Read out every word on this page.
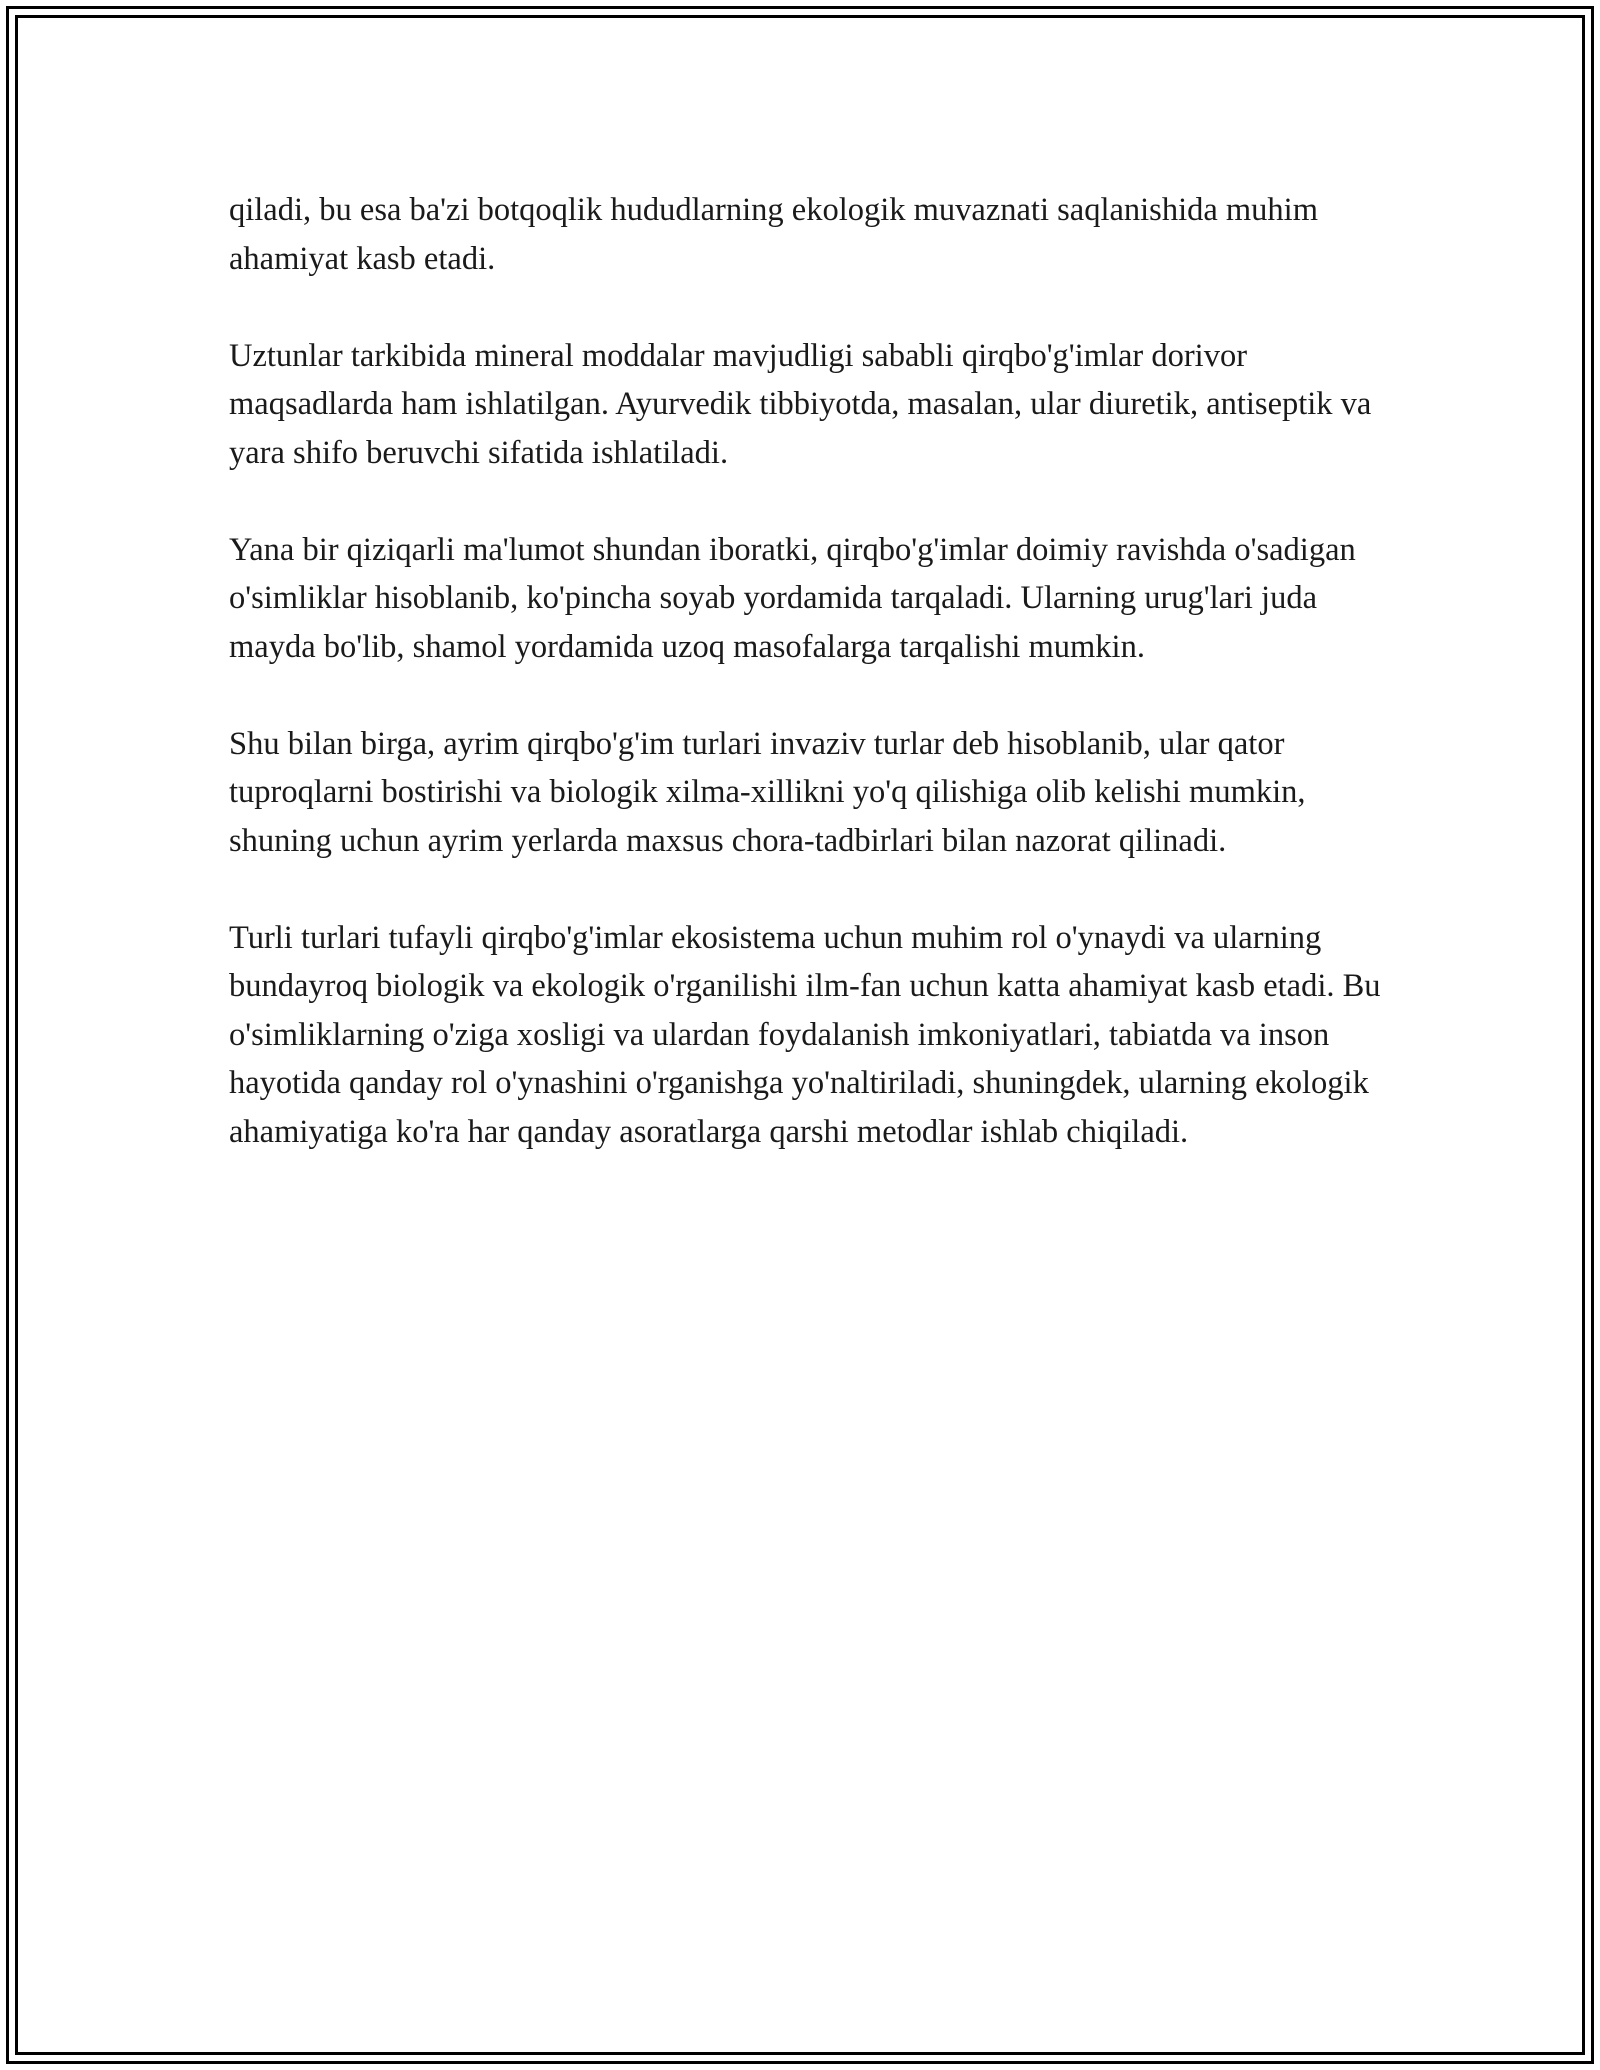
qiladi, bu esa ba'zi botqoqlik hududlarning ekologik muvaznati saqlanishida muhim ahamiyat kasb etadi.

Uztunlar tarkibida mineral moddalar mavjudligi sababli qirqbo'g'imlar dorivor maqsadlarda ham ishlatilgan. Ayurvedik tibbiyotda, masalan, ular diuretik, antiseptik va yara shifo beruvchi sifatida ishlatiladi.

Yana bir qiziqarli ma'lumot shundan iboratki, qirqbo'g'imlar doimiy ravishda o'sadigan o'simliklar hisoblanib, ko'pincha soyab yordamida tarqaladi. Ularning urug'lari juda mayda bo'lib, shamol yordamida uzoq masofalarga tarqalishi mumkin.

Shu bilan birga, ayrim qirqbo'g'im turlari invaziv turlar deb hisoblanib, ular qator tuproqlarni bostirishi va biologik xilma-xillikni yo'q qilishiga olib kelishi mumkin, shuning uchun ayrim yerlarda maxsus chora-tadbirlari bilan nazorat qilinadi.

Turli turlari tufayli qirqbo'g'imlar ekosistema uchun muhim rol o'ynaydi va ularning bundayroq biologik va ekologik o'rganilishi ilm-fan uchun katta ahamiyat kasb etadi. Bu o'simliklarning o'ziga xosligi va ulardan foydalanish imkoniyatlari, tabiatda va inson hayotida qanday rol o'ynashini o'rganishga yo'naltiriladi, shuningdek, ularning ekologik ahamiyatiga ko'ra har qanday asoratlarga qarshi metodlar ishlab chiqiladi.
